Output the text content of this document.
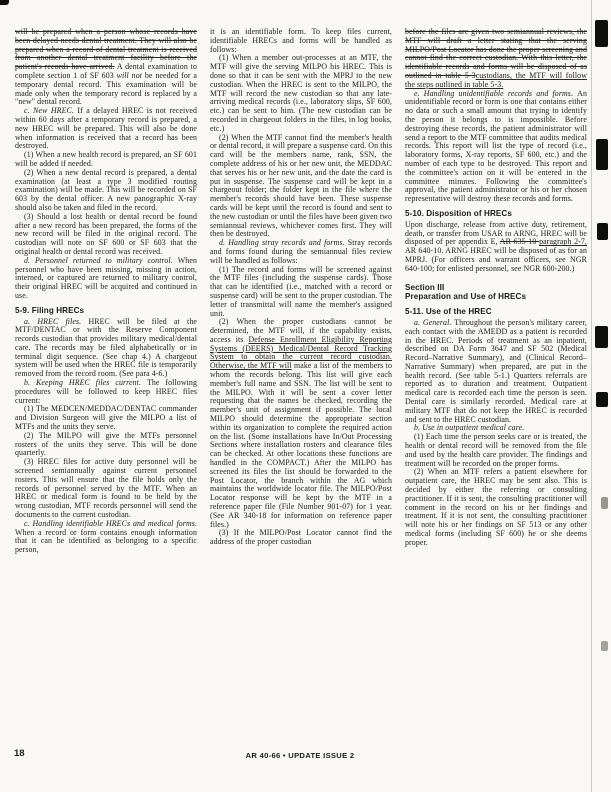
will be prepared when a person whose records have been delayed needs dental treatment. They will also be prepared when a record of dental treatment is received from another dental treatment facility before the patient's records have arrived. A dental examination to complete section 1 of SF 603 will not be needed for a temporary dental record. This examination will be made only when the temporary record is replaced by a "new" dental record.

c. New HREC. If a delayed HREC is not received within 60 days after a temporary record is prepared, a new HREC will be prepared. This will also be done when information is received that a record has been destroyed.

(1) When a new health record is prepared, an SF 601 will be added if needed.

(2) When a new dental record is prepared, a dental examination (at least a type 3 modified routing examination) will be made. This will be recorded on SF 603 by the dental officer. A new panographic X-ray should also be taken and filed in the record.

(3) Should a lost health or dental record be found after a new record has been prepared, the forms of the new record will be filed in the original record. The custodian will note on SF 600 or SF 603 that the original health or dental record was received.

d. Personnel returned to military control. When personnel who have been missing, missing in action, interned, or captured are returned to military control, their original HREC will be acquired and continued in use.

5-9. Filing HRECs

a. HREC files. HREC will be filed at the MTF/DENTAC or with the Reserve Component records custodian that provides military medical/dental care. The records may be filed alphabetically or in terminal digit sequence. (See chap 4.) A chargeout system will be used when the HREC file is temporarily removed from the record room. (See para 4-6.)

b. Keeping HREC files current. The following procedures will be followed to keep HREC files current:

(1) The MEDCEN/MEDDAC/DENTAC commander and Division Surgeon will give the MILPO a list of MTFs and the units they serve.

(2) The MILPO will give the MTFs personnel rosters of the units they serve. This will be done quarterly.

(3) HREC files for active duty personnel will be screened semiannually against current personnel rosters. This will ensure that the file holds only the records of personnel served by the MTF. When an HREC or medical form is found to be held by the wrong custodian, MTF records personnel will send the documents to the current custodian.

c. Handling identifiable HRECs and medical forms. When a record or form contains enough information that it can be identified as belonging to a specific person,

it is an identifiable form. To keep files current, identifiable HRECs and forms will be handled as follows:

(1) When a member out-processes at an MTF, the MTF will give the serving MILPO his HREC. This is done so that it can be sent with the MPRJ to the new custodian. When the HREC is sent to the MILPO, the MTF will record the new custodian so that any late-arriving medical records (i.e., laboratory slips, SF 600, etc.) can be sent to him. (The new custodian can be recorded in chargeout folders in the files, in log books, etc.)

(2) When the MTF cannot find the member's health or dental record, it will prepare a suspense card. On this card will be the members name, rank, SSN, the complete address of his or her new unit, the MEDDAC that serves his or her new unit, and the date the card is put in suspense. The suspense card will be kept in a chargeout folder; the folder kept in the file where the member's records should have been. These suspense cards will be kept until the record is found and sent to the new custodian or until the files have been given two semiannual reviews, whichever comes first. They will then be destroyed.

d. Handling stray records and forms. Stray records and forms found during the semiannual files review will be handled as follows:

(1) The record and forms will be screened against the MTF files (including the suspense cards). Those that can be identified (i.e., matched with a record or suspense card) will be sent to the proper custodian. The letter of transmittal will name the member's assigned unit.

(2) When the proper custodians cannot be determined, the MTF will, if the capability exists, access its Defense Enrollment Eligibility Reporting Systems (DEERS) Medical/Dental Record Tracking System to obtain the current record custodian. Otherwise, the MTF will make a list of the members to whom the records belong. This list will give each member's full name and SSN. The list will be sent to the MILPO. With it will be sent a cover letter requesting that the names be checked, recording the member's unit of assignment if possible. The local MILPO should determine the appropriate section within its organization to complete the required action on the list. (Some installations have In/Out Processing Sections where installation rosters and clearance files can be checked. At other locations these functions are handled in the COMPACT.) After the MILPO has screened its files the list should be forwarded to the Post Locator, the branch within the AG which maintains the worldwide locator file. The MILPO/Post Locator response will be kept by the MTF in a reference paper file (File Number 901-07) for 1 year. (See AR 340-18 for information on reference paper files.)

(3) If the MILPO/Post Locator cannot find the address of the proper custodian

before the files are given two semiannual reviews, the MTF will draft a letter stating that the serving MILPO/Post Locator has done the proper screening and cannot find the correct custodian. With this letter, the identifiable records and forms will be disposed of as outlined in table 5-3custodians, the MTF will follow the steps outlined in table 5-3.

e. Handling unidentifiable records and forms. An unidentifiable record or form is one that contains either no data or such a small amount that trying to identify the person it belongs to is impossible. Before destroying these records, the patient administrator will send a report to the MTF committee that audits medical records. This report will list the type of record (i.e., laboratory forms, X-ray reports, SF 600, etc.) and the number of each type to be destroyed. This report and the committee's action on it will be entered in the committee minutes. Following the committee's approval, the patient administrator or his or her chosen representative will destroy these records and forms.

5-10. Disposition of HRECs

Upon discharge, release from active duty, retirement, death, or transfer from USAR to ARNG, HREC will be disposed of per appendix E, AR 635-10 paragraph 2-7, AR 640-10. ARNG HREC will be disposed of as for an MPRJ. (For officers and warrant officers, see NGR 640-100; for enlisted personnel, see NGR 600-200.)

Section III

Preparation and Use of HRECs

5-11. Use of the HREC

a. General. Throughout the person's military career, each contact with the AMEDD as a patient is recorded in the HREC. Periods of treatment as an inpatient, described on DA Form 3647 and SF 502 (Medical Record–Narrative Summary), and (Clinical Record–Narrative Summary) when prepared, are put in the health record. (See table 5-1.) Quarters referrals are reported as to duration and treatment. Outpatient medical care is recorded each time the person is seen. Dental care is similarly recorded. Medical care at military MTF that do not keep the HREC is recorded and sent to the HREC custodian.

b. Use in outpatient medical care.

(1) Each time the person seeks care or is treated, the health or dental record will be removed from the file and used by the health care provider. The findings and treatment will be recorded on the proper forms.

(2) When an MTF refers a patient elsewhere for outpatient care, the HREC may be sent also. This is decided by either the referring or consulting practitioner. If it is sent, the consulting practitioner will comment in the record on his or her findings and treatment. If it is not sent, the consulting practitioner will note his or her findings on SF 513 or any other medical forms (including SF 600) he or she deems proper.

18	AR 40-66 • UPDATE ISSUE 2
